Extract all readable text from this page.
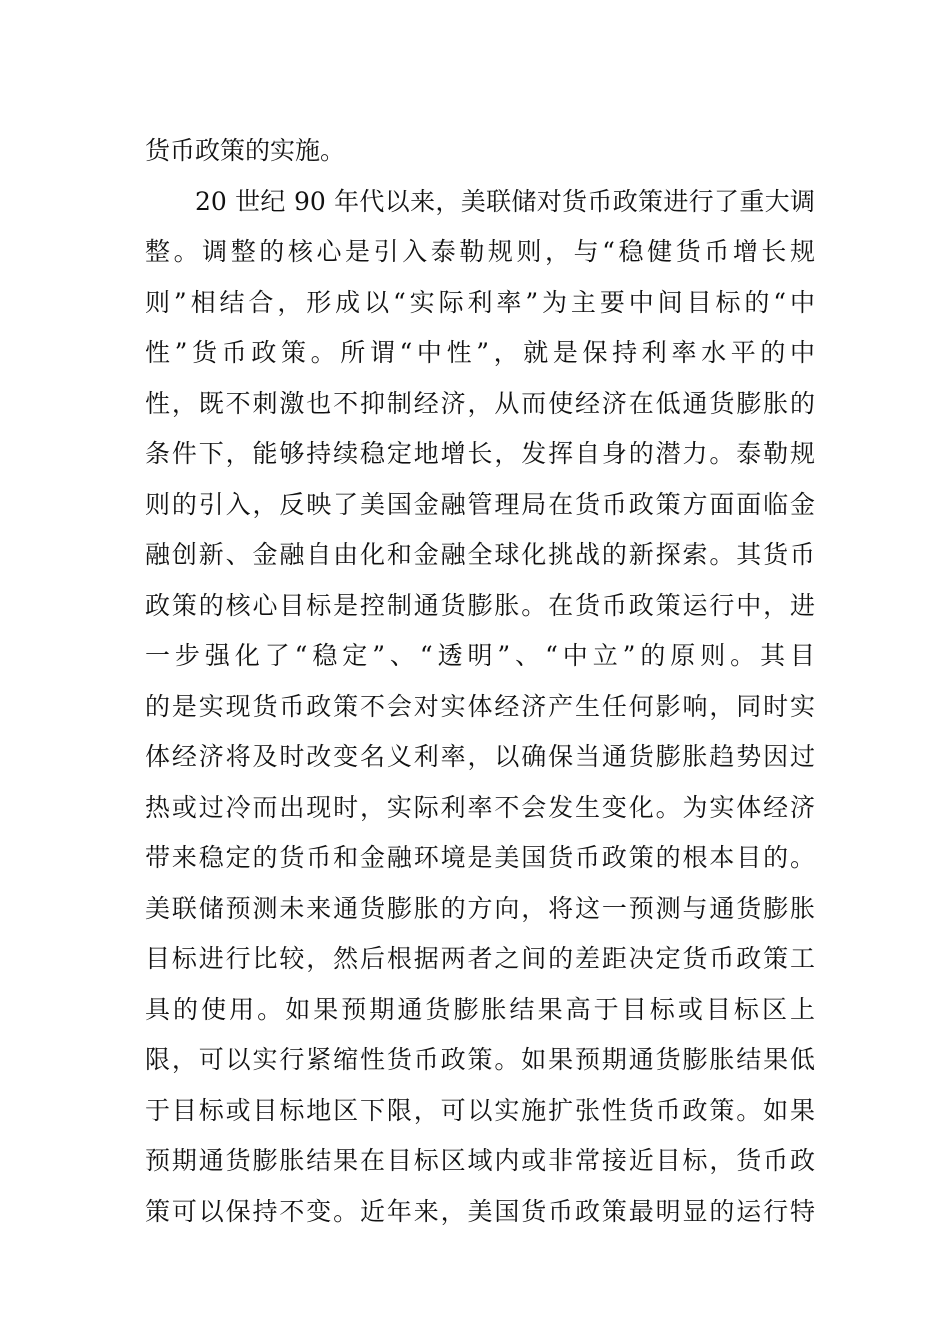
货币政策的实施。
20 世纪 90 年代以来，美联储对货币政策进行了重大调
整。调整的核心是引入泰勒规则，与“稳健货币增长规
则”相结合，形成以“实际利率”为主要中间目标的“中
性”货币政策。所谓“中性”，就是保持利率水平的中
性，既不刺激也不抑制经济，从而使经济在低通货膨胀的
条件下，能够持续稳定地增长，发挥自身的潜力。泰勒规
则的引入，反映了美国金融管理局在货币政策方面面临金
融创新、金融自由化和金融全球化挑战的新探索。其货币
政策的核心目标是控制通货膨胀。在货币政策运行中，进
一步强化了“稳定”、“透明”、“中立”的原则。其目
的是实现货币政策不会对实体经济产生任何影响，同时实
体经济将及时改变名义利率，以确保当通货膨胀趋势因过
热或过冷而出现时，实际利率不会发生变化。为实体经济
带来稳定的货币和金融环境是美国货币政策的根本目的。
美联储预测未来通货膨胀的方向，将这一预测与通货膨胀
目标进行比较，然后根据两者之间的差距决定货币政策工
具的使用。如果预期通货膨胀结果高于目标或目标区上
限，可以实行紧缩性货币政策。如果预期通货膨胀结果低
于目标或目标地区下限，可以实施扩张性货币政策。如果
预期通货膨胀结果在目标区域内或非常接近目标，货币政
策可以保持不变。近年来，美国货币政策最明显的运行特
